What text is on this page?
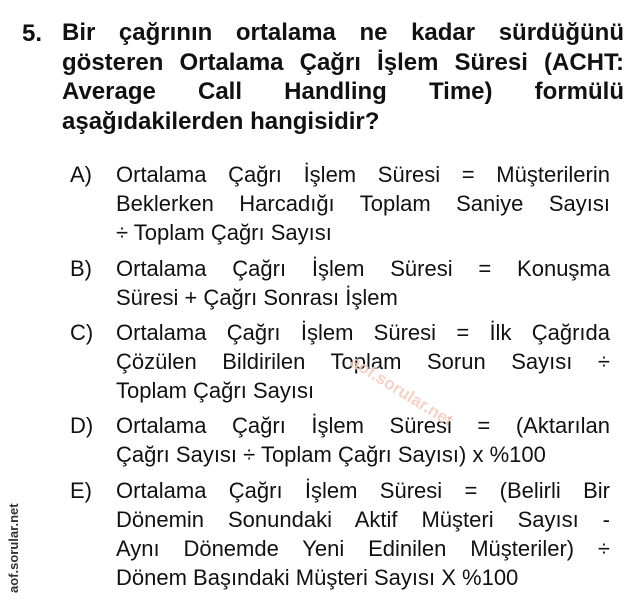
5. Bir çağrının ortalama ne kadar sürdüğünü
gösteren Ortalama Çağrı İşlem Süresi (ACHT:
Average Call Handling Time) formülü
aşağıdakilerden hangisidir?
A) Ortalama Çağrı İşlem Süresi = Müşterilerin
Beklerken Harcadığı Toplam Saniye Sayısı
÷ Toplam Çağrı Sayısı
B) Ortalama Çağrı İşlem Süresi = Konuşma
Süresi + Çağrı Sonrası İşlem
C) Ortalama Çağrı İşlem Süresi = İlk Çağrıda
Çözülen Bildirilen Toplam Sorun Sayısı ÷
Toplam Çağrı Sayısı
D) Ortalama Çağrı İşlem Süresi = (Aktarılan
Çağrı Sayısı ÷ Toplam Çağrı Sayısı) x %100
E) Ortalama Çağrı İşlem Süresi = (Belirli Bir
Dönemin Sonundaki Aktif Müşteri Sayısı -
Aynı Dönemde Yeni Edinilen Müşteriler) ÷
Dönem Başındaki Müşteri Sayısı X %100
aof.sorular.net
aof.sorular.net
